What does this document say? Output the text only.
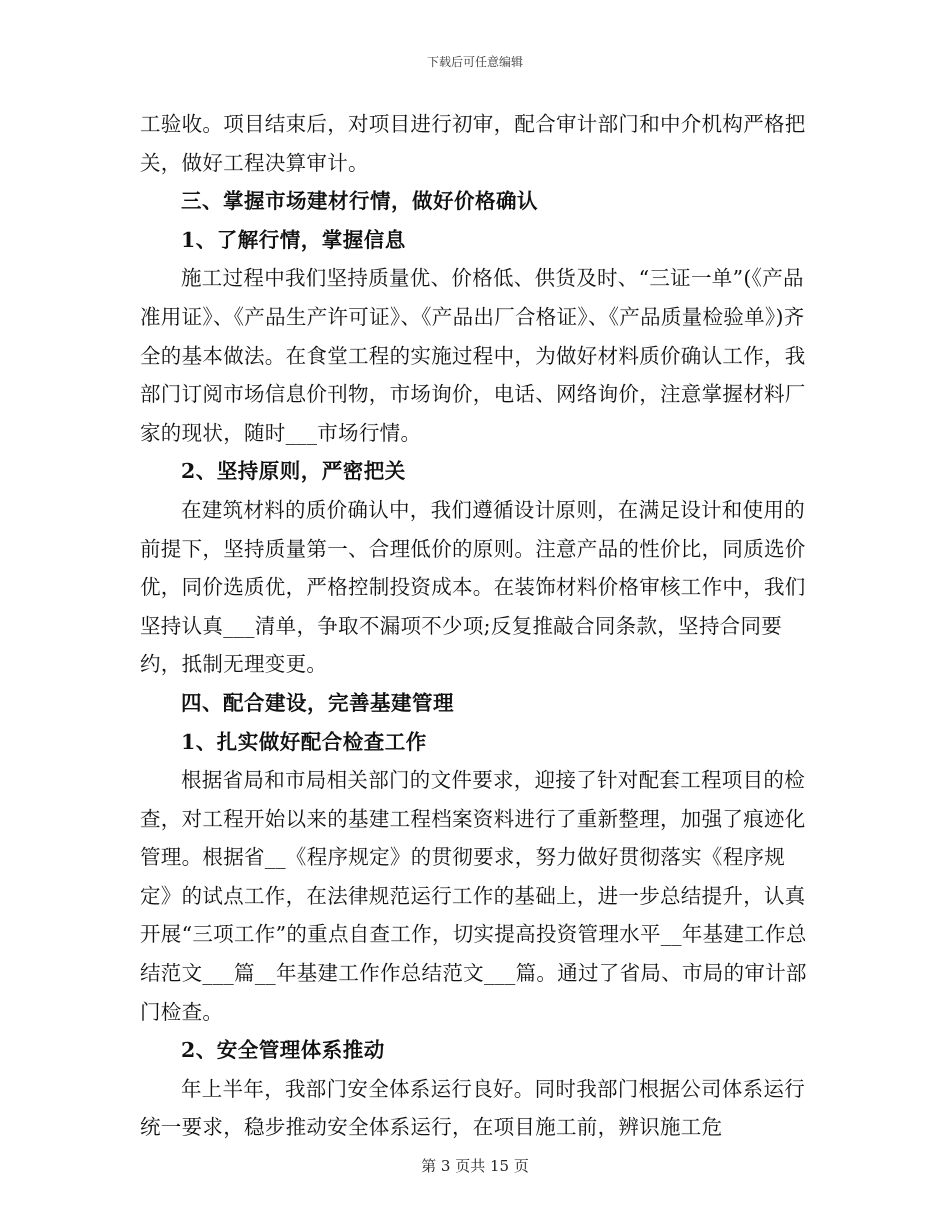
下载后可任意编辑

工验收。项目结束后，对项目进行初审，配合审计部门和中介机构严格把关，做好工程决算审计。

三、掌握市场建材行情，做好价格确认

1、了解行情，掌握信息

施工过程中我们坚持质量优、价格低、供货及时、“三证一单”(《产品准用证》、《产品生产许可证》、《产品出厂合格证》、《产品质量检验单》)齐全的基本做法。在食堂工程的实施过程中，为做好材料质价确认工作，我部门订阅市场信息价刊物，市场询价，电话、网络询价，注意掌握材料厂家的现状，随时___市场行情。

2、坚持原则，严密把关

在建筑材料的质价确认中，我们遵循设计原则，在满足设计和使用的前提下，坚持质量第一、合理低价的原则。注意产品的性价比，同质选价优，同价选质优，严格控制投资成本。在装饰材料价格审核工作中，我们坚持认真___清单，争取不漏项不少项;反复推敲合同条款，坚持合同要约，抵制无理变更。

四、配合建设，完善基建管理

1、扎实做好配合检查工作

根据省局和市局相关部门的文件要求，迎接了针对配套工程项目的检查，对工程开始以来的基建工程档案资料进行了重新整理，加强了痕迹化管理。根据省__《程序规定》的贯彻要求，努力做好贯彻落实《程序规定》的试点工作，在法律规范运行工作的基础上，进一步总结提升，认真开展“三项工作”的重点自查工作，切实提高投资管理水平__年基建工作总结范文___篇__年基建工作作总结范文___篇。通过了省局、市局的审计部门检查。

2、安全管理体系推动

年上半年，我部门安全体系运行良好。同时我部门根据公司体系运行统一要求，稳步推动安全体系运行，在项目施工前，辨识施工危

第 3 页共 15 页
